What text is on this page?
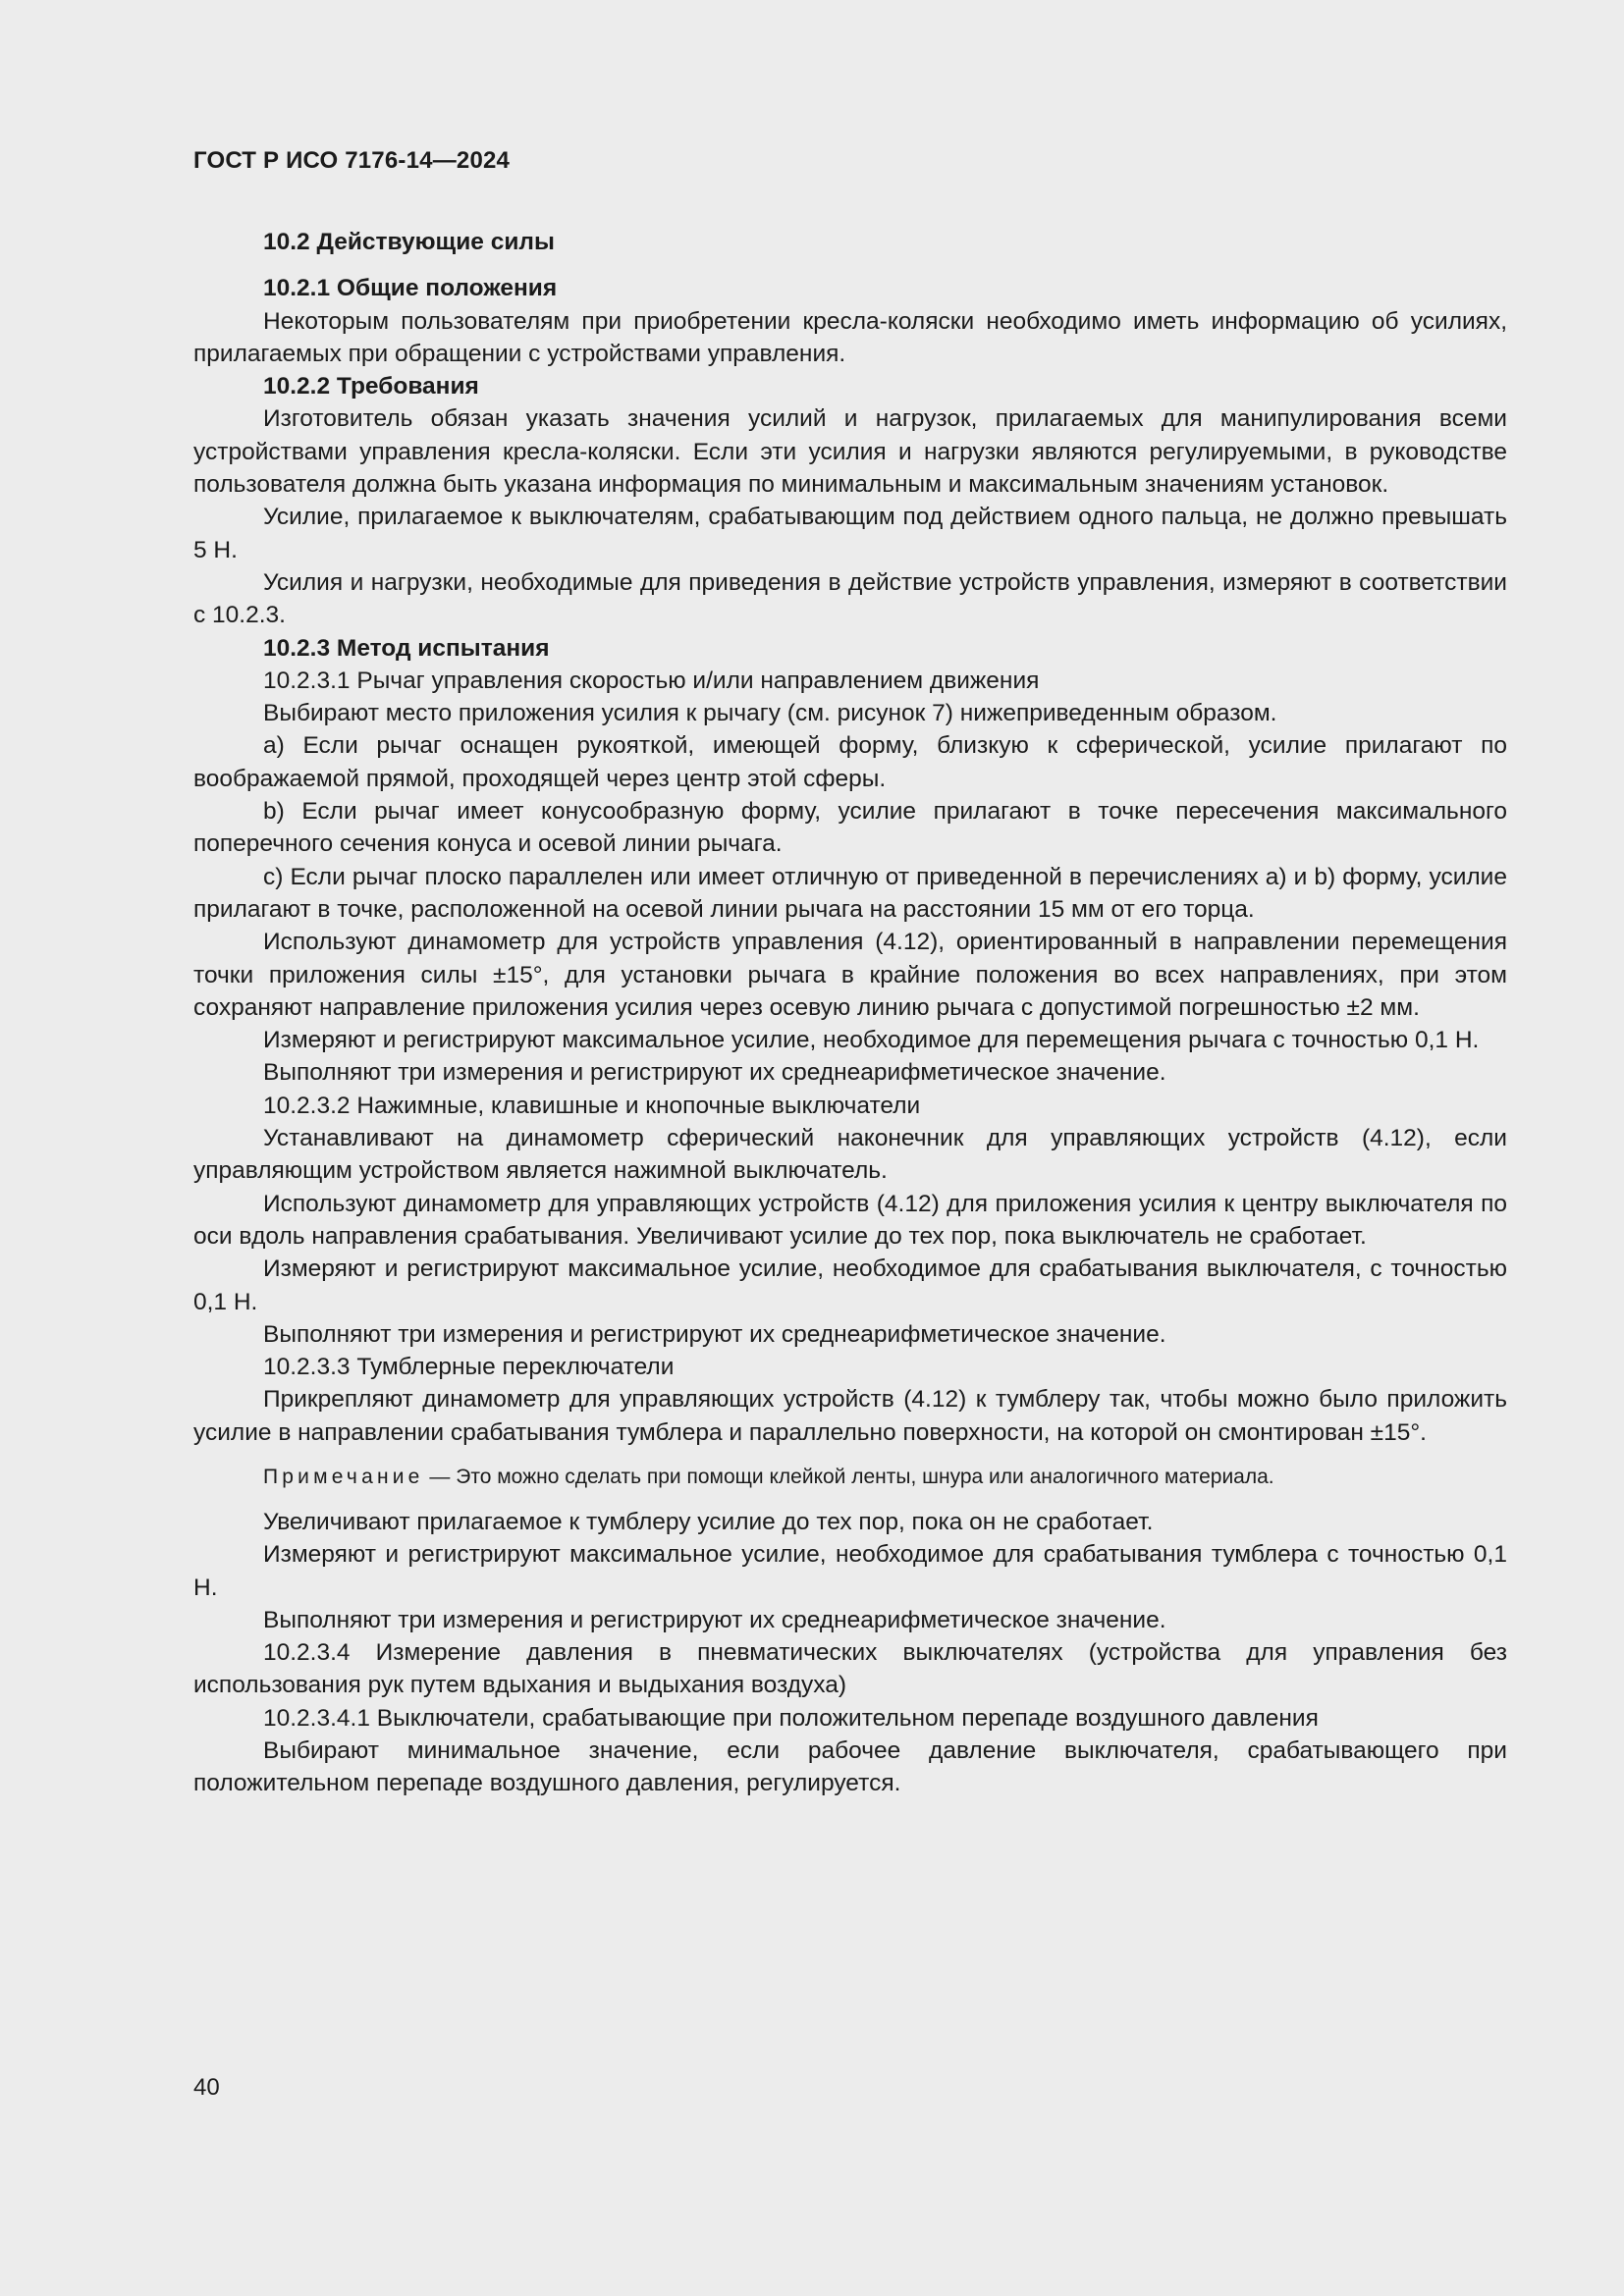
ГОСТ Р ИСО 7176-14—2024

10.2 Действующие силы

10.2.1 Общие положения

Некоторым пользователям при приобретении кресла-коляски необходимо иметь информацию об усилиях, прилагаемых при обращении с устройствами управления.

10.2.2 Требования

Изготовитель обязан указать значения усилий и нагрузок, прилагаемых для манипулирования всеми устройствами управления кресла-коляски. Если эти усилия и нагрузки являются регулируемыми, в руководстве пользователя должна быть указана информация по минимальным и максимальным значениям установок.

Усилие, прилагаемое к выключателям, срабатывающим под действием одного пальца, не должно превышать 5 Н.

Усилия и нагрузки, необходимые для приведения в действие устройств управления, измеряют в соответствии с 10.2.3.

10.2.3 Метод испытания

10.2.3.1 Рычаг управления скоростью и/или направлением движения

Выбирают место приложения усилия к рычагу (см. рисунок 7) нижеприведенным образом.

a) Если рычаг оснащен рукояткой, имеющей форму, близкую к сферической, усилие прилагают по воображаемой прямой, проходящей через центр этой сферы.

b) Если рычаг имеет конусообразную форму, усилие прилагают в точке пересечения максимального поперечного сечения конуса и осевой линии рычага.

c) Если рычаг плоско параллелен или имеет отличную от приведенной в перечислениях a) и b) форму, усилие прилагают в точке, расположенной на осевой линии рычага на расстоянии 15 мм от его торца.

Используют динамометр для устройств управления (4.12), ориентированный в направлении перемещения точки приложения силы ±15°, для установки рычага в крайние положения во всех направлениях, при этом сохраняют направление приложения усилия через осевую линию рычага с допустимой погрешностью ±2 мм.

Измеряют и регистрируют максимальное усилие, необходимое для перемещения рычага с точностью 0,1 Н.

Выполняют три измерения и регистрируют их среднеарифметическое значение.

10.2.3.2 Нажимные, клавишные и кнопочные выключатели

Устанавливают на динамометр сферический наконечник для управляющих устройств (4.12), если управляющим устройством является нажимной выключатель.

Используют динамометр для управляющих устройств (4.12) для приложения усилия к центру выключателя по оси вдоль направления срабатывания. Увеличивают усилие до тех пор, пока выключатель не сработает.

Измеряют и регистрируют максимальное усилие, необходимое для срабатывания выключателя, с точностью 0,1 Н.

Выполняют три измерения и регистрируют их среднеарифметическое значение.

10.2.3.3 Тумблерные переключатели

Прикрепляют динамометр для управляющих устройств (4.12) к тумблеру так, чтобы можно было приложить усилие в направлении срабатывания тумблера и параллельно поверхности, на которой он смонтирован ±15°.

Примечание — Это можно сделать при помощи клейкой ленты, шнура или аналогичного материала.

Увеличивают прилагаемое к тумблеру усилие до тех пор, пока он не сработает.

Измеряют и регистрируют максимальное усилие, необходимое для срабатывания тумблера с точностью 0,1 Н.

Выполняют три измерения и регистрируют их среднеарифметическое значение.

10.2.3.4 Измерение давления в пневматических выключателях (устройства для управления без использования рук путем вдыхания и выдыхания воздуха)

10.2.3.4.1 Выключатели, срабатывающие при положительном перепаде воздушного давления

Выбирают минимальное значение, если рабочее давление выключателя, срабатывающего при положительном перепаде воздушного давления, регулируется.

40
